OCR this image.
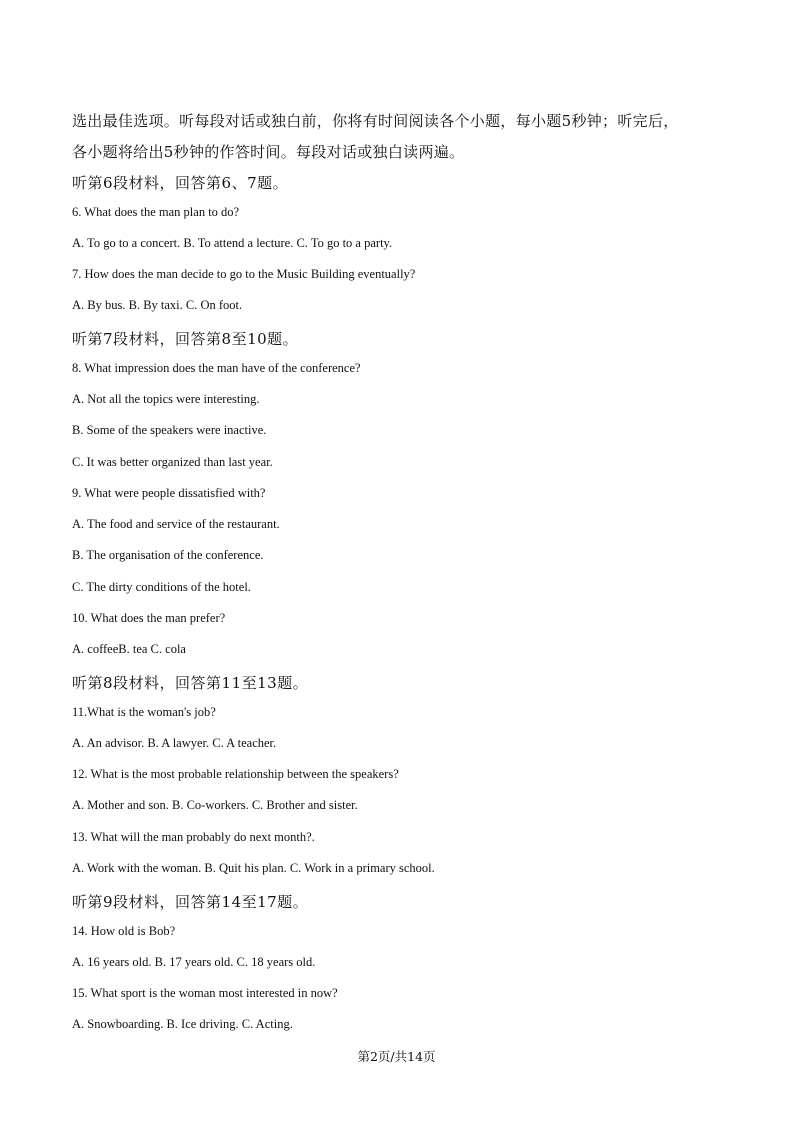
选出最佳选项。听每段对话或独白前，你将有时间阅读各个小题，每小题5秒钟；听完后，
各小题将给出5秒钟的作答时间。每段对话或独白读两遍。
听第6段材料，回答第6、7题。
6. What does the man plan to do?
A. To go to a concert. B. To attend a lecture. C. To go to a party.
7. How does the man decide to go to the Music Building eventually?
A. By bus. B. By taxi. C. On foot.
听第7段材料，回答第8至10题。
8. What impression does the man have of the conference?
A. Not all the topics were interesting.
B. Some of the speakers were inactive.
C. It was better organized than last year.
9. What were people dissatisfied with?
A. The food and service of the restaurant.
B. The organisation of the conference.
C. The dirty conditions of the hotel.
10. What does the man prefer?
A. coffeeB. tea C. cola
听第8段材料，回答第11至13题。
11.What is the woman's job?
A. An advisor. B. A lawyer. C. A teacher.
12. What is the most probable relationship between the speakers?
A. Mother and son. B. Co-workers. C. Brother and sister.
13. What will the man probably do next month?.
A. Work with the woman. B. Quit his plan. C. Work in a primary school.
听第9段材料，回答第14至17题。
14. How old is Bob?
A. 16 years old. B. 17 years old. C. 18 years old.
15. What sport is the woman most interested in now?
A. Snowboarding. B. Ice driving. C. Acting.
第2页/共14页
